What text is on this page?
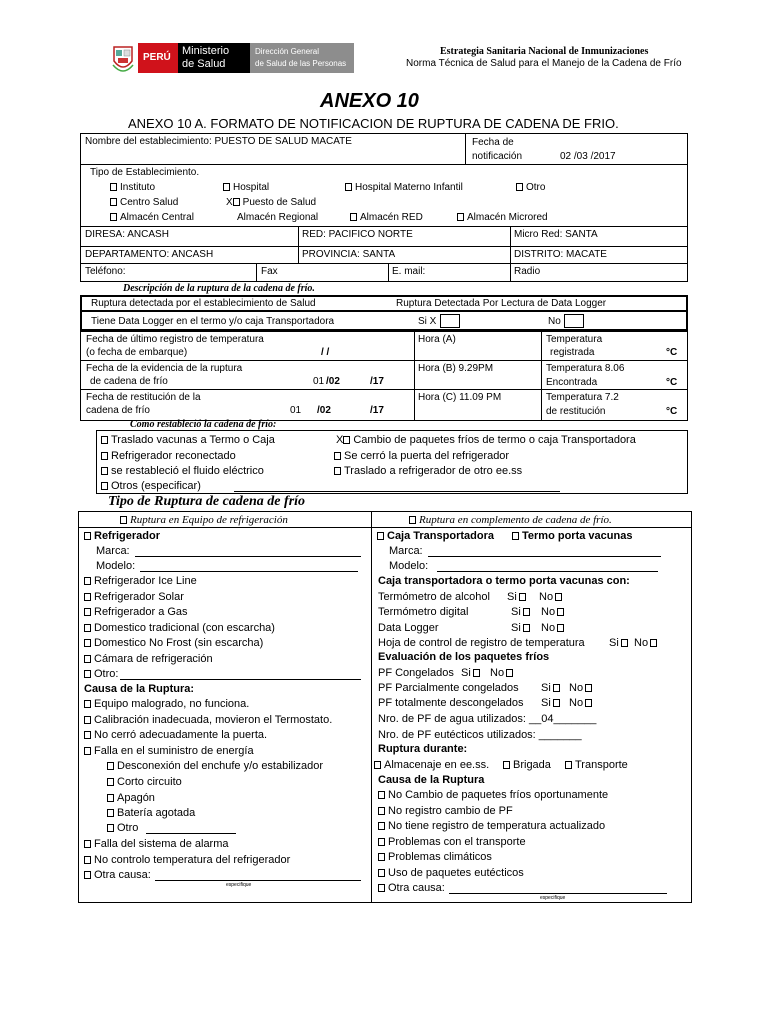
PERÚ
Ministerio
de Salud
Dirección General
de Salud de las Personas
Estrategia Sanitaria Nacional de Inmunizaciones
Norma Técnica de Salud para el Manejo de la Cadena de Frío
ANEXO 10
ANEXO 10 A. FORMATO DE NOTIFICACION DE RUPTURA DE CADENA DE FRIO.
Nombre del establecimiento: PUESTO DE SALUD MACATE	Fecha de
notificación	02 /03 /2017
Tipo de Establecimiento.
Instituto	Hospital	Hospital Materno Infantil	Otro
Centro Salud	X Puesto de Salud
Almacén Central	Almacén Regional	Almacén RED	Almacén Microred
DIRESA: ANCASH	RED: PACIFICO NORTE	Micro Red: SANTA
DEPARTAMENTO: ANCASH	PROVINCIA: SANTA	DISTRITO: MACATE
Teléfono:	Fax	E. mail:	Radio
Descripción de la ruptura de la cadena de frío.
Ruptura detectada por el establecimiento de Salud	Ruptura Detectada Por Lectura de Data Logger
Tiene Data Logger en el termo y/o caja Transportadora	Si X	No
Fecha de último registro de temperatura
(o fecha de embarque)	/ /
Hora (A)	Temperatura
registrada	°C
Fecha de la evidencia de la ruptura
de cadena de frío	01 /02	/17
Hora (B) 9.29PM	Temperatura 8.06
Encontrada	°C
Fecha de restitución de la
cadena de frío	01 /02	/17
Hora (C) 11.09 PM	Temperatura 7.2
de restitución	°C
Como restableció la cadena de frío:
Traslado vacunas a Termo o Caja
Refrigerador reconectado
se restableció el fluido eléctrico
Otros (especificar)
X Cambio de paquetes fríos de termo o caja Transportadora
Se cerró la puerta del refrigerador
Traslado a refrigerador de otro ee.ss
Tipo de Ruptura de cadena de frío
Ruptura en Equipo de refrigeración	Ruptura en complemento de cadena de frío.
Refrigerador
Marca:
Modelo:
Refrigerador Ice Line
Refrigerador Solar
Refrigerador a Gas
Domestico tradicional (con escarcha)
Domestico No Frost (sin escarcha)
Cámara de refrigeración
Otro:
Causa de la Ruptura:
Equipo malogrado, no funciona.
Calibración inadecuada, movieron el Termostato.
No cerró adecuadamente la puerta.
Falla en el suministro de energía
Desconexión del enchufe y/o estabilizador
Corto circuito
Apagón
Batería agotada
Otro
Falla del sistema de alarma
No controlo temperatura del refrigerador
Otra causa:
especifique
Caja Transportadora	Termo porta vacunas
Marca:
Modelo:
Caja transportadora o termo porta vacunas con:
Termómetro de alcohol Si	No
Termómetro digital	Si	No
Data Logger	Si	No
Hoja de control de registro de temperatura Si	No
Evaluación de los paquetes fríos
PF Congelados Si	No
PF Parcialmente congelados Si	No
PF totalmente descongelados Si	No
Nro. de PF de agua utilizados: __04_______
Nro. de PF eutécticos utilizados: _______
Ruptura durante:
Almacenaje en ee.ss.	Brigada	Transporte
Causa de la Ruptura
No Cambio de paquetes fríos oportunamente
No registro cambio de PF
No tiene registro de temperatura actualizado
Problemas con el transporte
Problemas climáticos
Uso de paquetes eutécticos
Otra causa:
especifique
